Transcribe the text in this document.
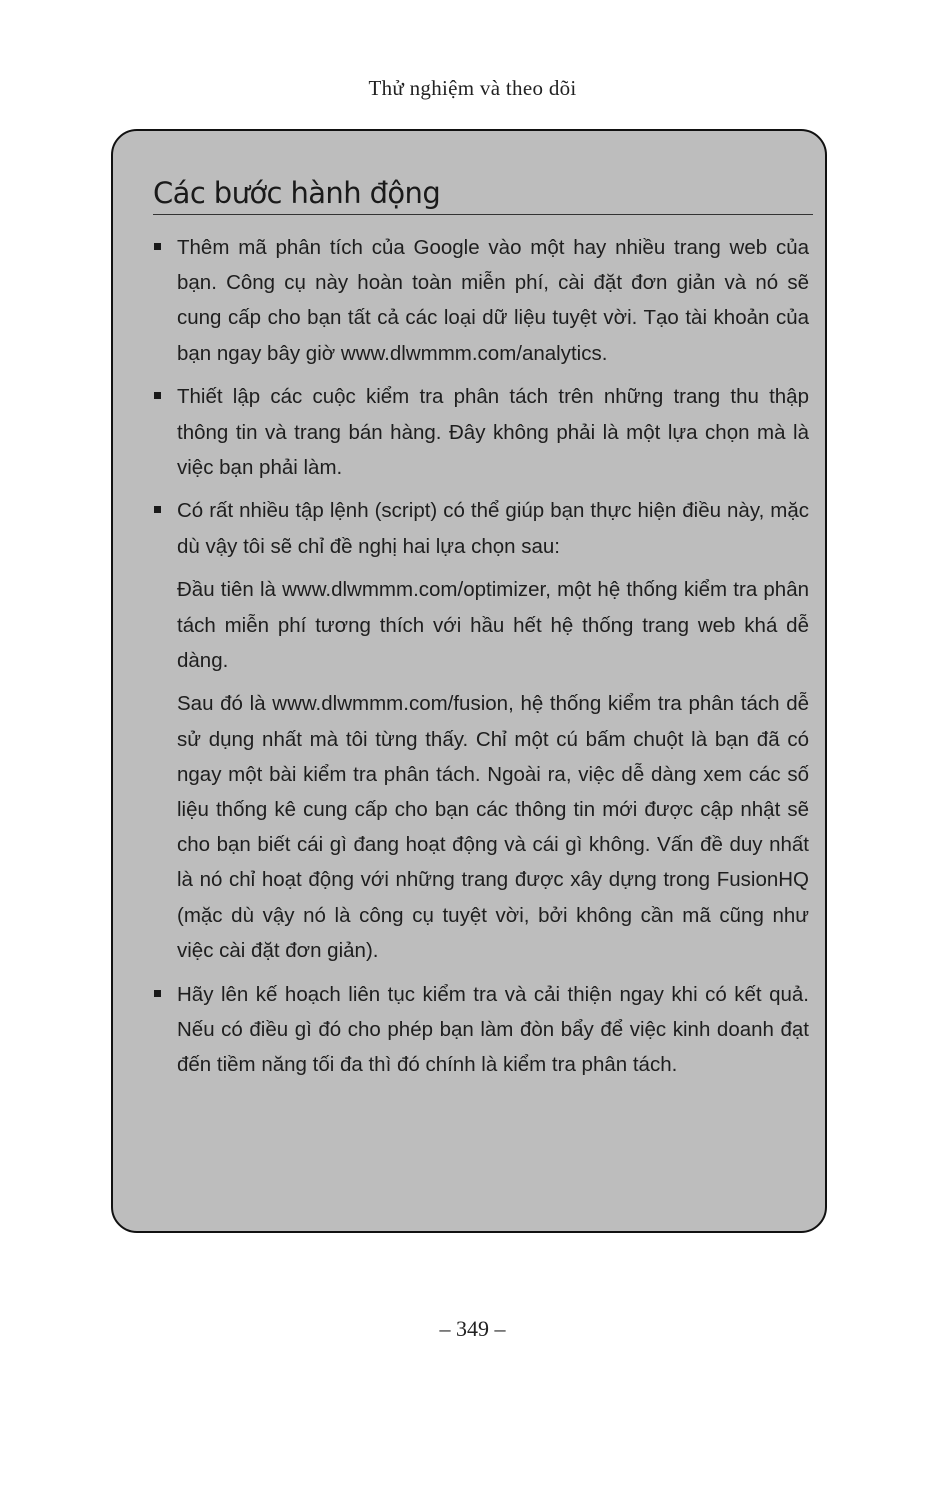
Thử nghiệm và theo dõi
Các bước hành động
Thêm mã phân tích của Google vào một hay nhiều trang web của bạn. Công cụ này hoàn toàn miễn phí, cài đặt đơn giản và nó sẽ cung cấp cho bạn tất cả các loại dữ liệu tuyệt vời. Tạo tài khoản của bạn ngay bây giờ www.dlwmmm.com/analytics.
Thiết lập các cuộc kiểm tra phân tách trên những trang thu thập thông tin và trang bán hàng. Đây không phải là một lựa chọn mà là việc bạn phải làm.
Có rất nhiều tập lệnh (script) có thể giúp bạn thực hiện điều này, mặc dù vậy tôi sẽ chỉ đề nghị hai lựa chọn sau:
Đầu tiên là www.dlwmmm.com/optimizer, một hệ thống kiểm tra phân tách miễn phí tương thích với hầu hết hệ thống trang web khá dễ dàng.
Sau đó là www.dlwmmm.com/fusion, hệ thống kiểm tra phân tách dễ sử dụng nhất mà tôi từng thấy. Chỉ một cú bấm chuột là bạn đã có ngay một bài kiểm tra phân tách. Ngoài ra, việc dễ dàng xem các số liệu thống kê cung cấp cho bạn các thông tin mới được cập nhật sẽ cho bạn biết cái gì đang hoạt động và cái gì không. Vấn đề duy nhất là nó chỉ hoạt động với những trang được xây dựng trong FusionHQ (mặc dù vậy nó là công cụ tuyệt vời, bởi không cần mã cũng như việc cài đặt đơn giản).
Hãy lên kế hoạch liên tục kiểm tra và cải thiện ngay khi có kết quả. Nếu có điều gì đó cho phép bạn làm đòn bẩy để việc kinh doanh đạt đến tiềm năng tối đa thì đó chính là kiểm tra phân tách.
– 349 –
